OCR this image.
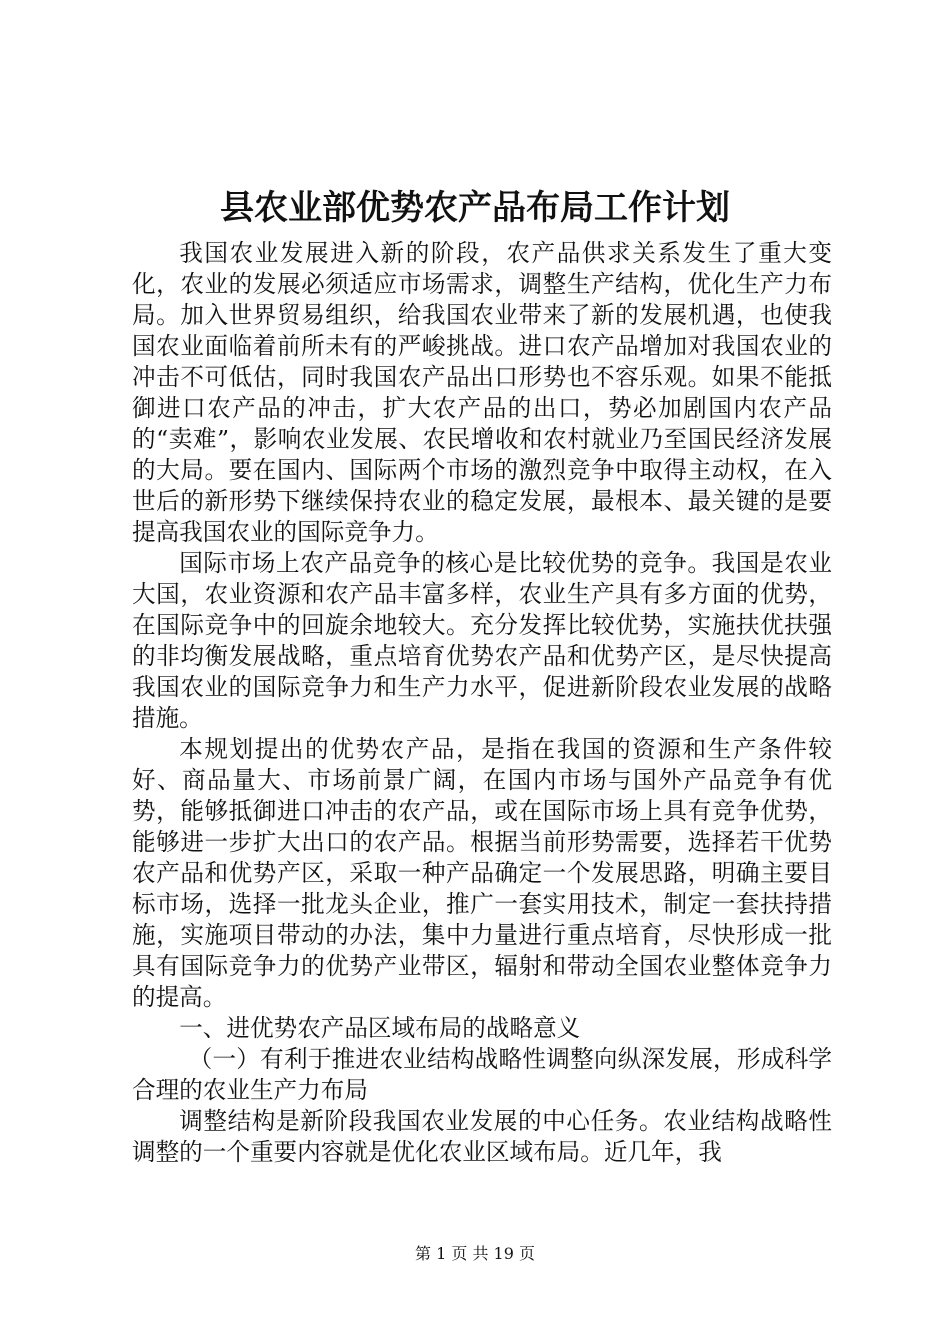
县农业部优势农产品布局工作计划

我国农业发展进入新的阶段，农产品供求关系发生了重大变化，农业的发展必须适应市场需求，调整生产结构，优化生产力布局。加入世界贸易组织，给我国农业带来了新的发展机遇，也使我国农业面临着前所未有的严峻挑战。进口农产品增加对我国农业的冲击不可低估，同时我国农产品出口形势也不容乐观。如果不能抵御进口农产品的冲击，扩大农产品的出口，势必加剧国内农产品的“卖难”，影响农业发展、农民增收和农村就业乃至国民经济发展的大局。要在国内、国际两个市场的激烈竞争中取得主动权，在入世后的新形势下继续保持农业的稳定发展，最根本、最关键的是要提高我国农业的国际竞争力。

国际市场上农产品竞争的核心是比较优势的竞争。我国是农业大国，农业资源和农产品丰富多样，农业生产具有多方面的优势，在国际竞争中的回旋余地较大。充分发挥比较优势，实施扶优扶强的非均衡发展战略，重点培育优势农产品和优势产区，是尽快提高我国农业的国际竞争力和生产力水平，促进新阶段农业发展的战略措施。

本规划提出的优势农产品，是指在我国的资源和生产条件较好、商品量大、市场前景广阔，在国内市场与国外产品竞争有优势，能够抵御进口冲击的农产品，或在国际市场上具有竞争优势，能够进一步扩大出口的农产品。根据当前形势需要，选择若干优势农产品和优势产区，采取一种产品确定一个发展思路，明确主要目标市场，选择一批龙头企业，推广一套实用技术，制定一套扶持措施，实施项目带动的办法，集中力量进行重点培育，尽快形成一批具有国际竞争力的优势产业带区，辐射和带动全国农业整体竞争力的提高。

一、进优势农产品区域布局的战略意义

（一）有利于推进农业结构战略性调整向纵深发展，形成科学合理的农业生产力布局

调整结构是新阶段我国农业发展的中心任务。农业结构战略性调整的一个重要内容就是优化农业区域布局。近几年，我

第 1 页 共 19 页
